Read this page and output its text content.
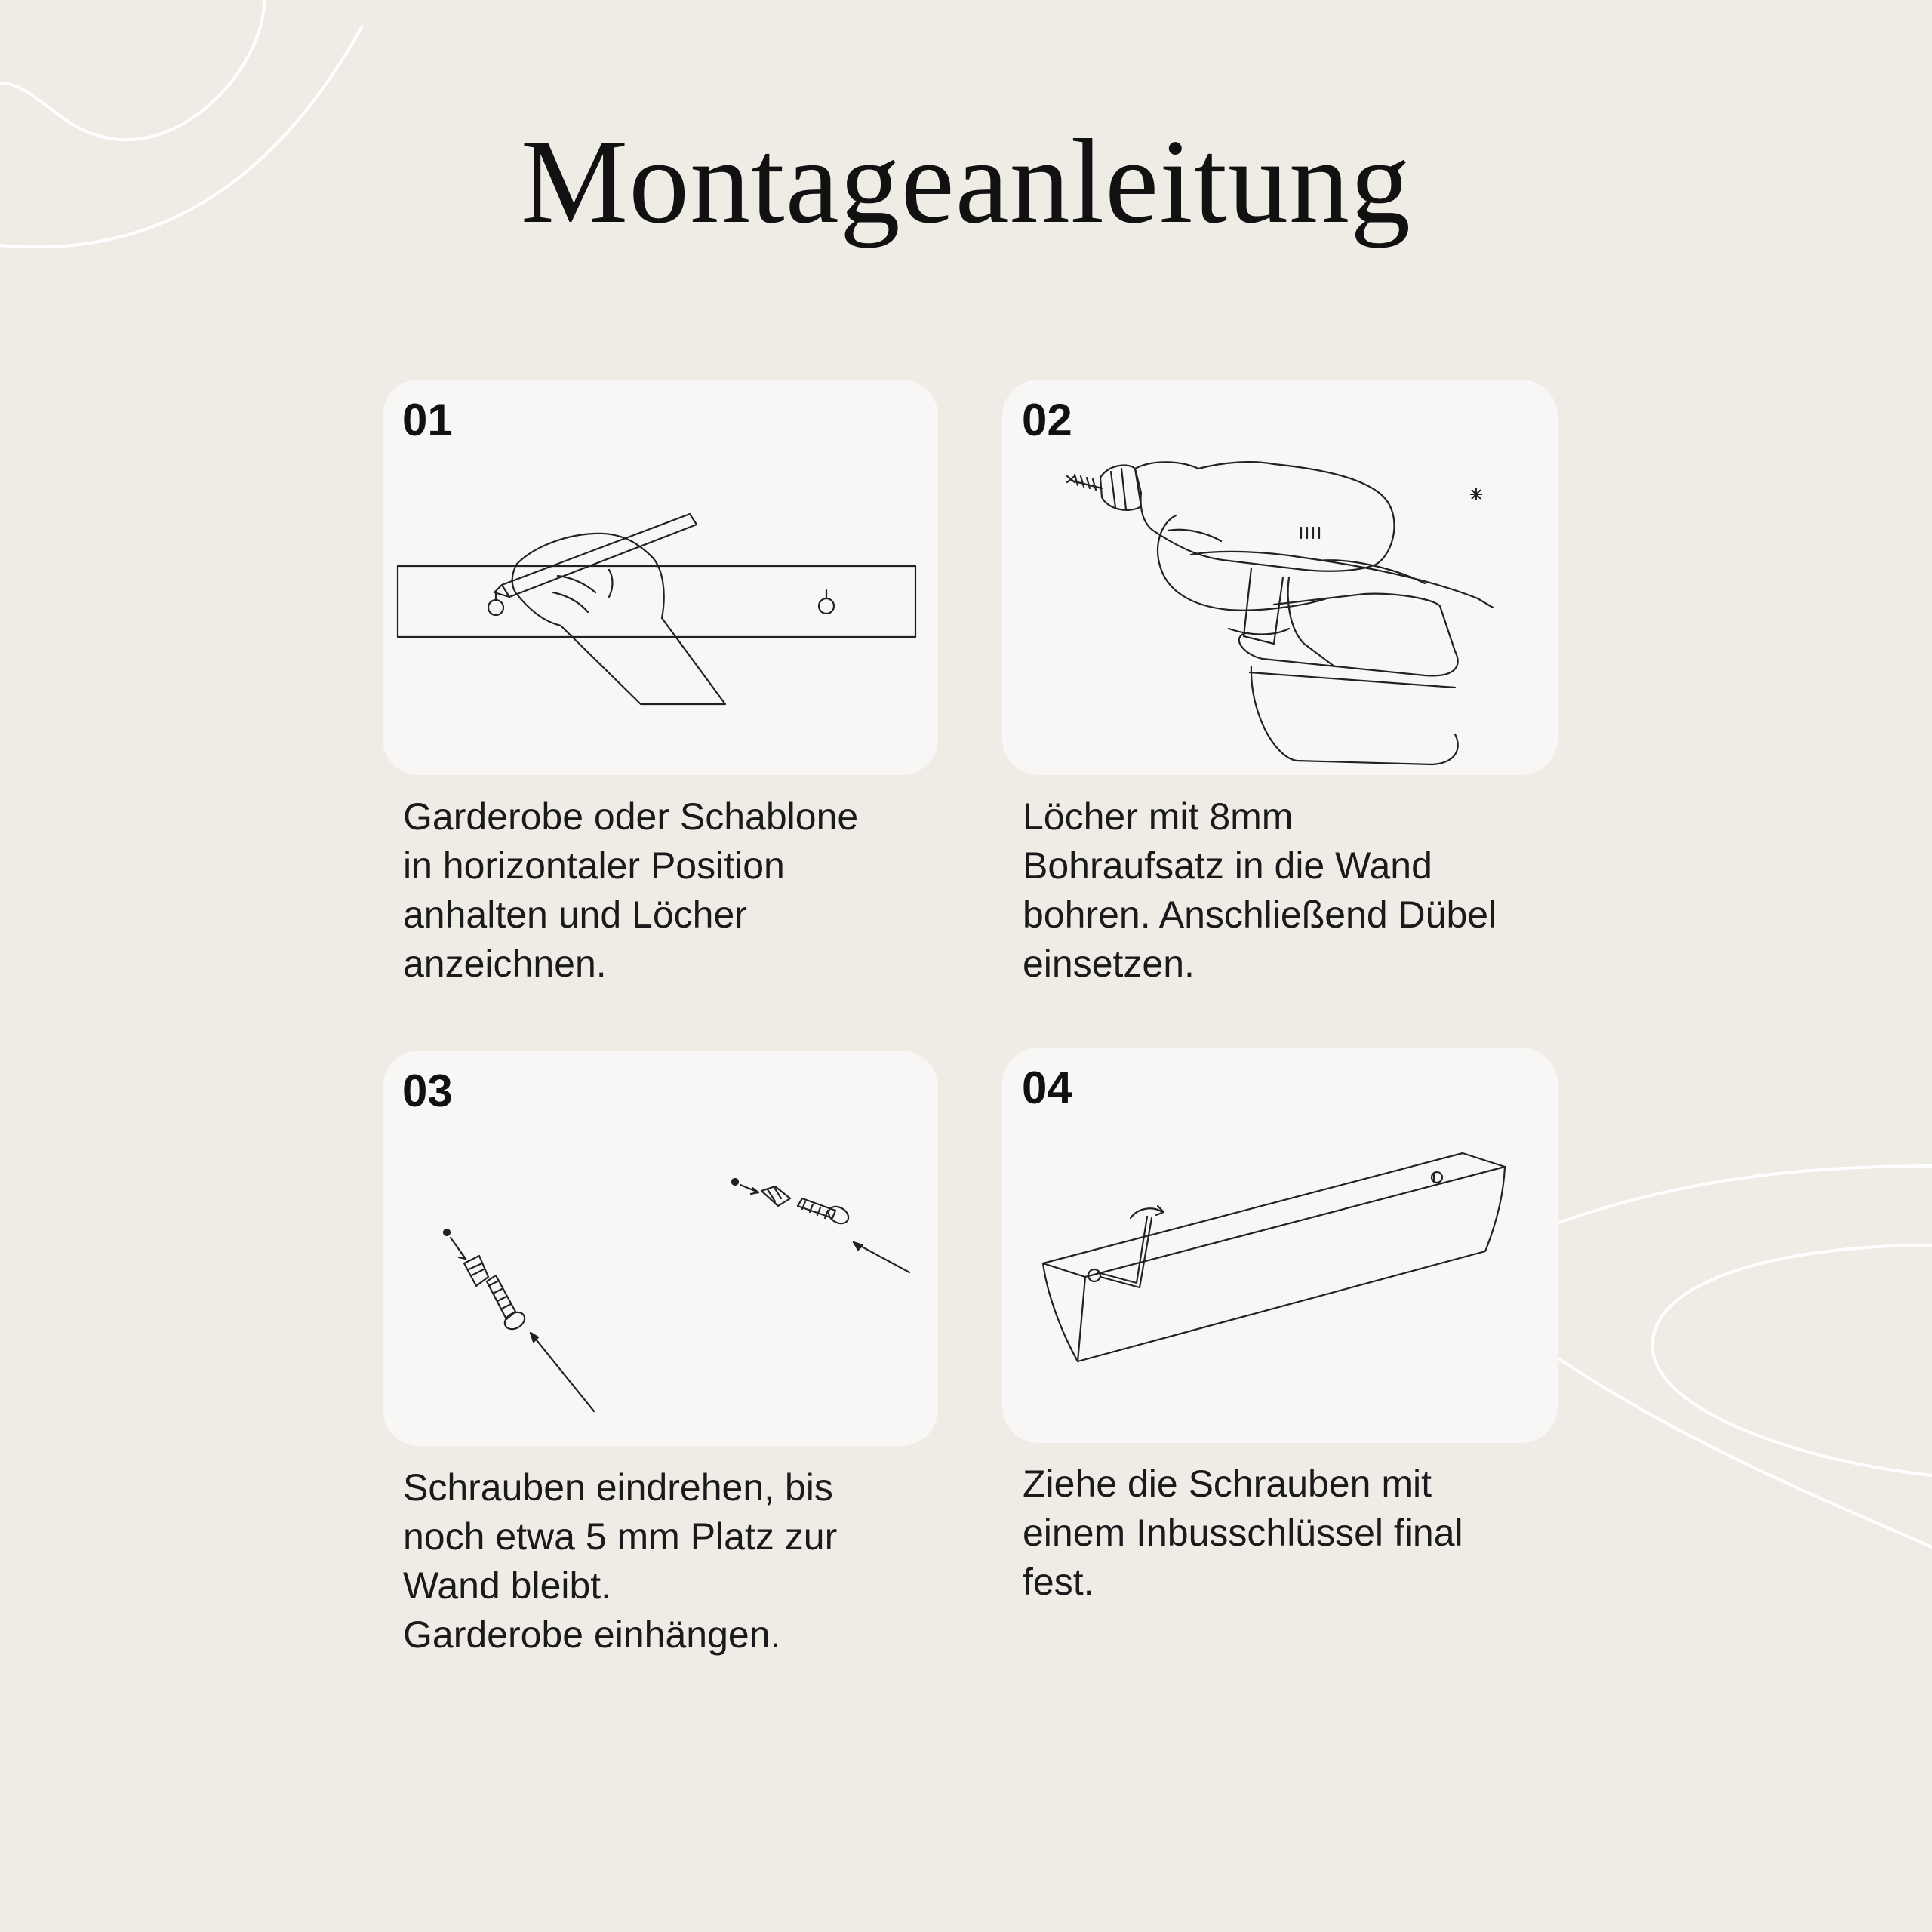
Montageanleitung
01
Garderobe oder Schablone
in horizontaler Position
anhalten und Löcher
anzeichnen.
02
Löcher mit 8mm
Bohraufsatz in die Wand
bohren. Anschließend Dübel
einsetzen.
03
Schrauben eindrehen, bis
noch etwa 5 mm Platz zur
Wand bleibt.
Garderobe einhängen.
04
Ziehe die Schrauben mit
einem Inbusschlüssel final
fest.
